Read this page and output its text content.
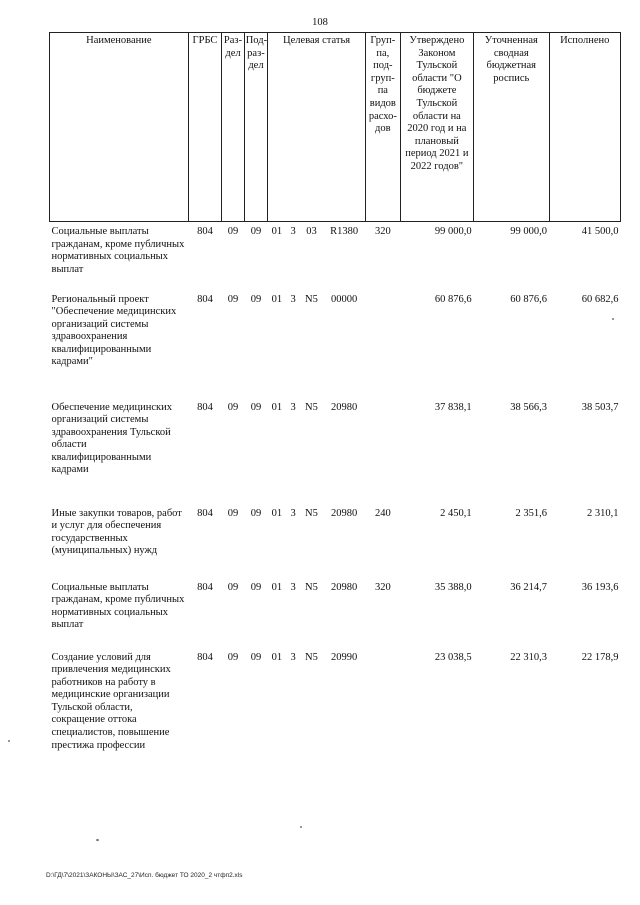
108
Наименование	ГРБС	Раз-дел	Под-раз-дел	Целевая статья				Груп-па, под-груп-па видов расхо-дов	Утверждено Законом Тульской области "О бюджете Тульской области на 2020 год и на плановый период 2021 и 2022 годов"	Уточненная сводная бюджетная роспись	Исполнено
Социальные выплаты гражданам, кроме публичных нормативных социальных выплат	804	09	09	01	3	03	R1380	320	99 000,0	99 000,0	41 500,0
Региональный проект "Обеспечение медицинских организаций системы здравоохранения квалифицированными кадрами"	804	09	09	01	3	N5	00000		60 876,6	60 876,6	60 682,6
Обеспечение медицинских организаций системы здравоохранения Тульской области квалифицированными кадрами	804	09	09	01	3	N5	20980		37 838,1	38 566,3	38 503,7
Иные закупки товаров, работ и услуг для обеспечения государственных (муниципальных) нужд	804	09	09	01	3	N5	20980	240	2 450,1	2 351,6	2 310,1
Социальные выплаты гражданам, кроме публичных нормативных социальных выплат	804	09	09	01	3	N5	20980	320	35 388,0	36 214,7	36 193,6
Создание условий для привлечения медицинских работников на работу в медицинские организации Тульской области, сокращение оттока специалистов, повышение престижа профессии	804	09	09	01	3	N5	20990		23 038,5	22 310,3	22 178,9
D:\ГД\7\2021\ЗАКОНЫ\ЗАС_27\Исп. бюджет ТО 2020_2 чтфп2.xls
